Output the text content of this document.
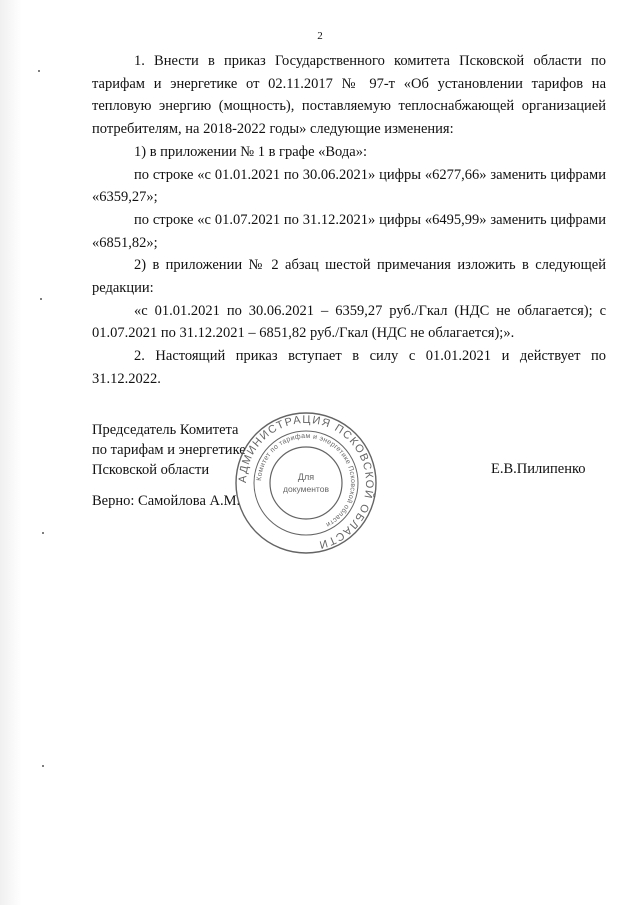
2

1. Внести в приказ Государственного комитета Псковской области по тарифам и энергетике от 02.11.2017 № 97-т «Об установлении тарифов на тепловую энергию (мощность), поставляемую теплоснабжающей организацией потребителям, на 2018-2022 годы» следующие изменения:

1) в приложении № 1 в графе «Вода»:

по строке «с 01.01.2021 по 30.06.2021» цифры «6277,66» заменить цифрами «6359,27»;

по строке «с 01.07.2021 по 31.12.2021» цифры «6495,99» заменить цифрами «6851,82»;

2) в приложении № 2 абзац шестой примечания изложить в следующей редакции:

«с 01.01.2021 по 30.06.2021 – 6359,27 руб./Гкал (НДС не облагается); с 01.07.2021 по 31.12.2021 – 6851,82 руб./Гкал (НДС не облагается);».

2. Настоящий приказ вступает в силу с 01.01.2021 и действует по 31.12.2022.

Председатель Комитета
по тарифам и энергетике
Псковской области
Верно: Самойлова А.М.
Е.В.Пилипенко
АДМИНИСТРАЦИЯ ПСКОВСКОЙ ОБЛАСТИ
Комитет по тарифам и энергетике Псковской области
Для
документов
